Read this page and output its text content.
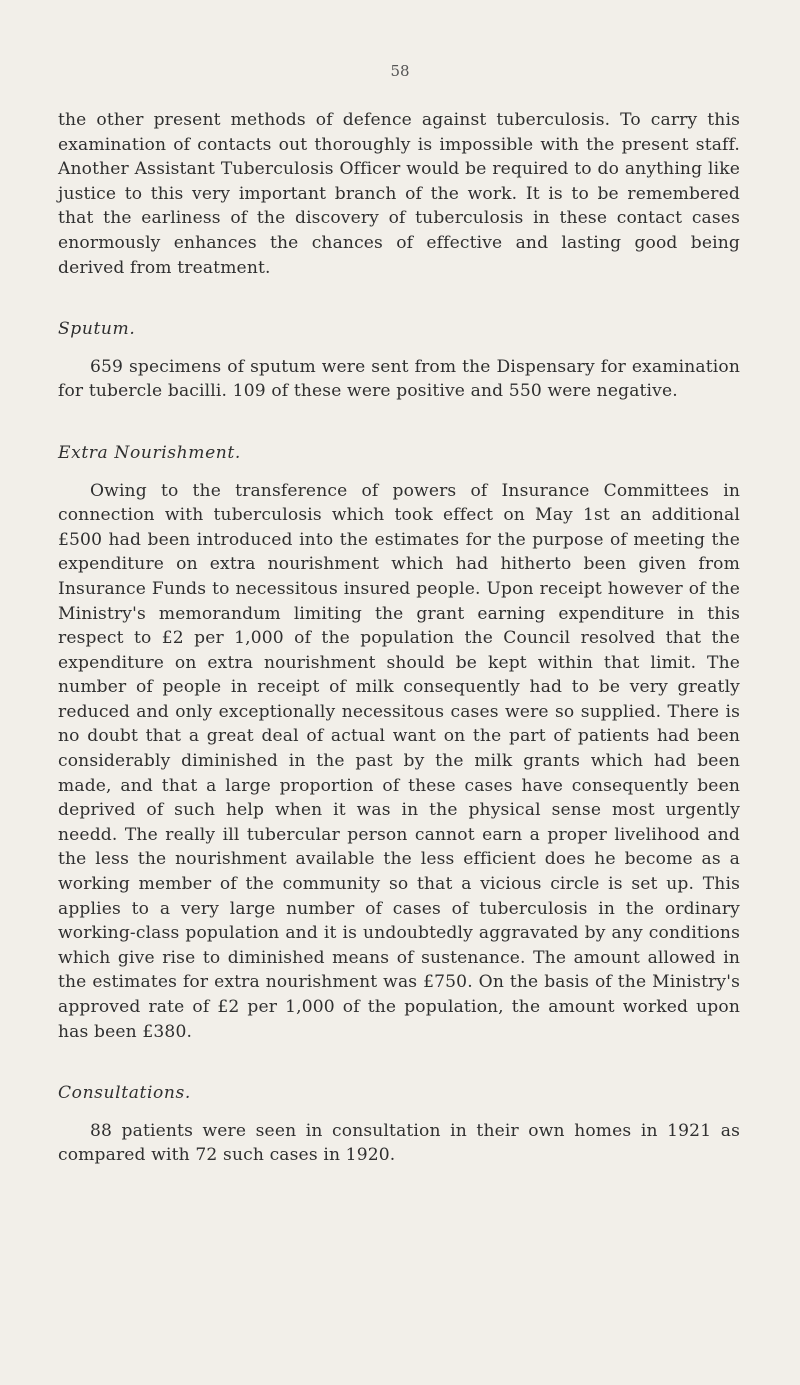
58

the other present methods of defence against tuberculosis. To carry this examination of contacts out thoroughly is impossible with the present staff. Another Assistant Tuberculosis Officer would be required to do anything like justice to this very important branch of the work. It is to be remembered that the earliness of the discovery of tuberculosis in these contact cases enormously enhances the chances of effective and lasting good being derived from treatment.

Sputum.

659 specimens of sputum were sent from the Dispensary for examination for tubercle bacilli. 109 of these were positive and 550 were negative.

Extra Nourishment.

Owing to the transference of powers of Insurance Committees in connection with tuberculosis which took effect on May 1st an additional £500 had been introduced into the estimates for the purpose of meeting the expenditure on extra nourishment which had hitherto been given from Insurance Funds to necessitous insured people. Upon receipt however of the Ministry's memorandum limiting the grant earning expenditure in this respect to £2 per 1,000 of the population the Council resolved that the expenditure on extra nourishment should be kept within that limit. The number of people in receipt of milk consequently had to be very greatly reduced and only exceptionally necessitous cases were so supplied. There is no doubt that a great deal of actual want on the part of patients had been considerably diminished in the past by the milk grants which had been made, and that a large proportion of these cases have consequently been deprived of such help when it was in the physical sense most urgently needd. The really ill tubercular person cannot earn a proper livelihood and the less the nourishment available the less efficient does he become as a working member of the community so that a vicious circle is set up. This applies to a very large number of cases of tuberculosis in the ordinary working-class population and it is undoubtedly aggravated by any conditions which give rise to diminished means of sustenance. The amount allowed in the estimates for extra nourishment was £750. On the basis of the Ministry's approved rate of £2 per 1,000 of the population, the amount worked upon has been £380.

Consultations.

88 patients were seen in consultation in their own homes in 1921 as compared with 72 such cases in 1920.
